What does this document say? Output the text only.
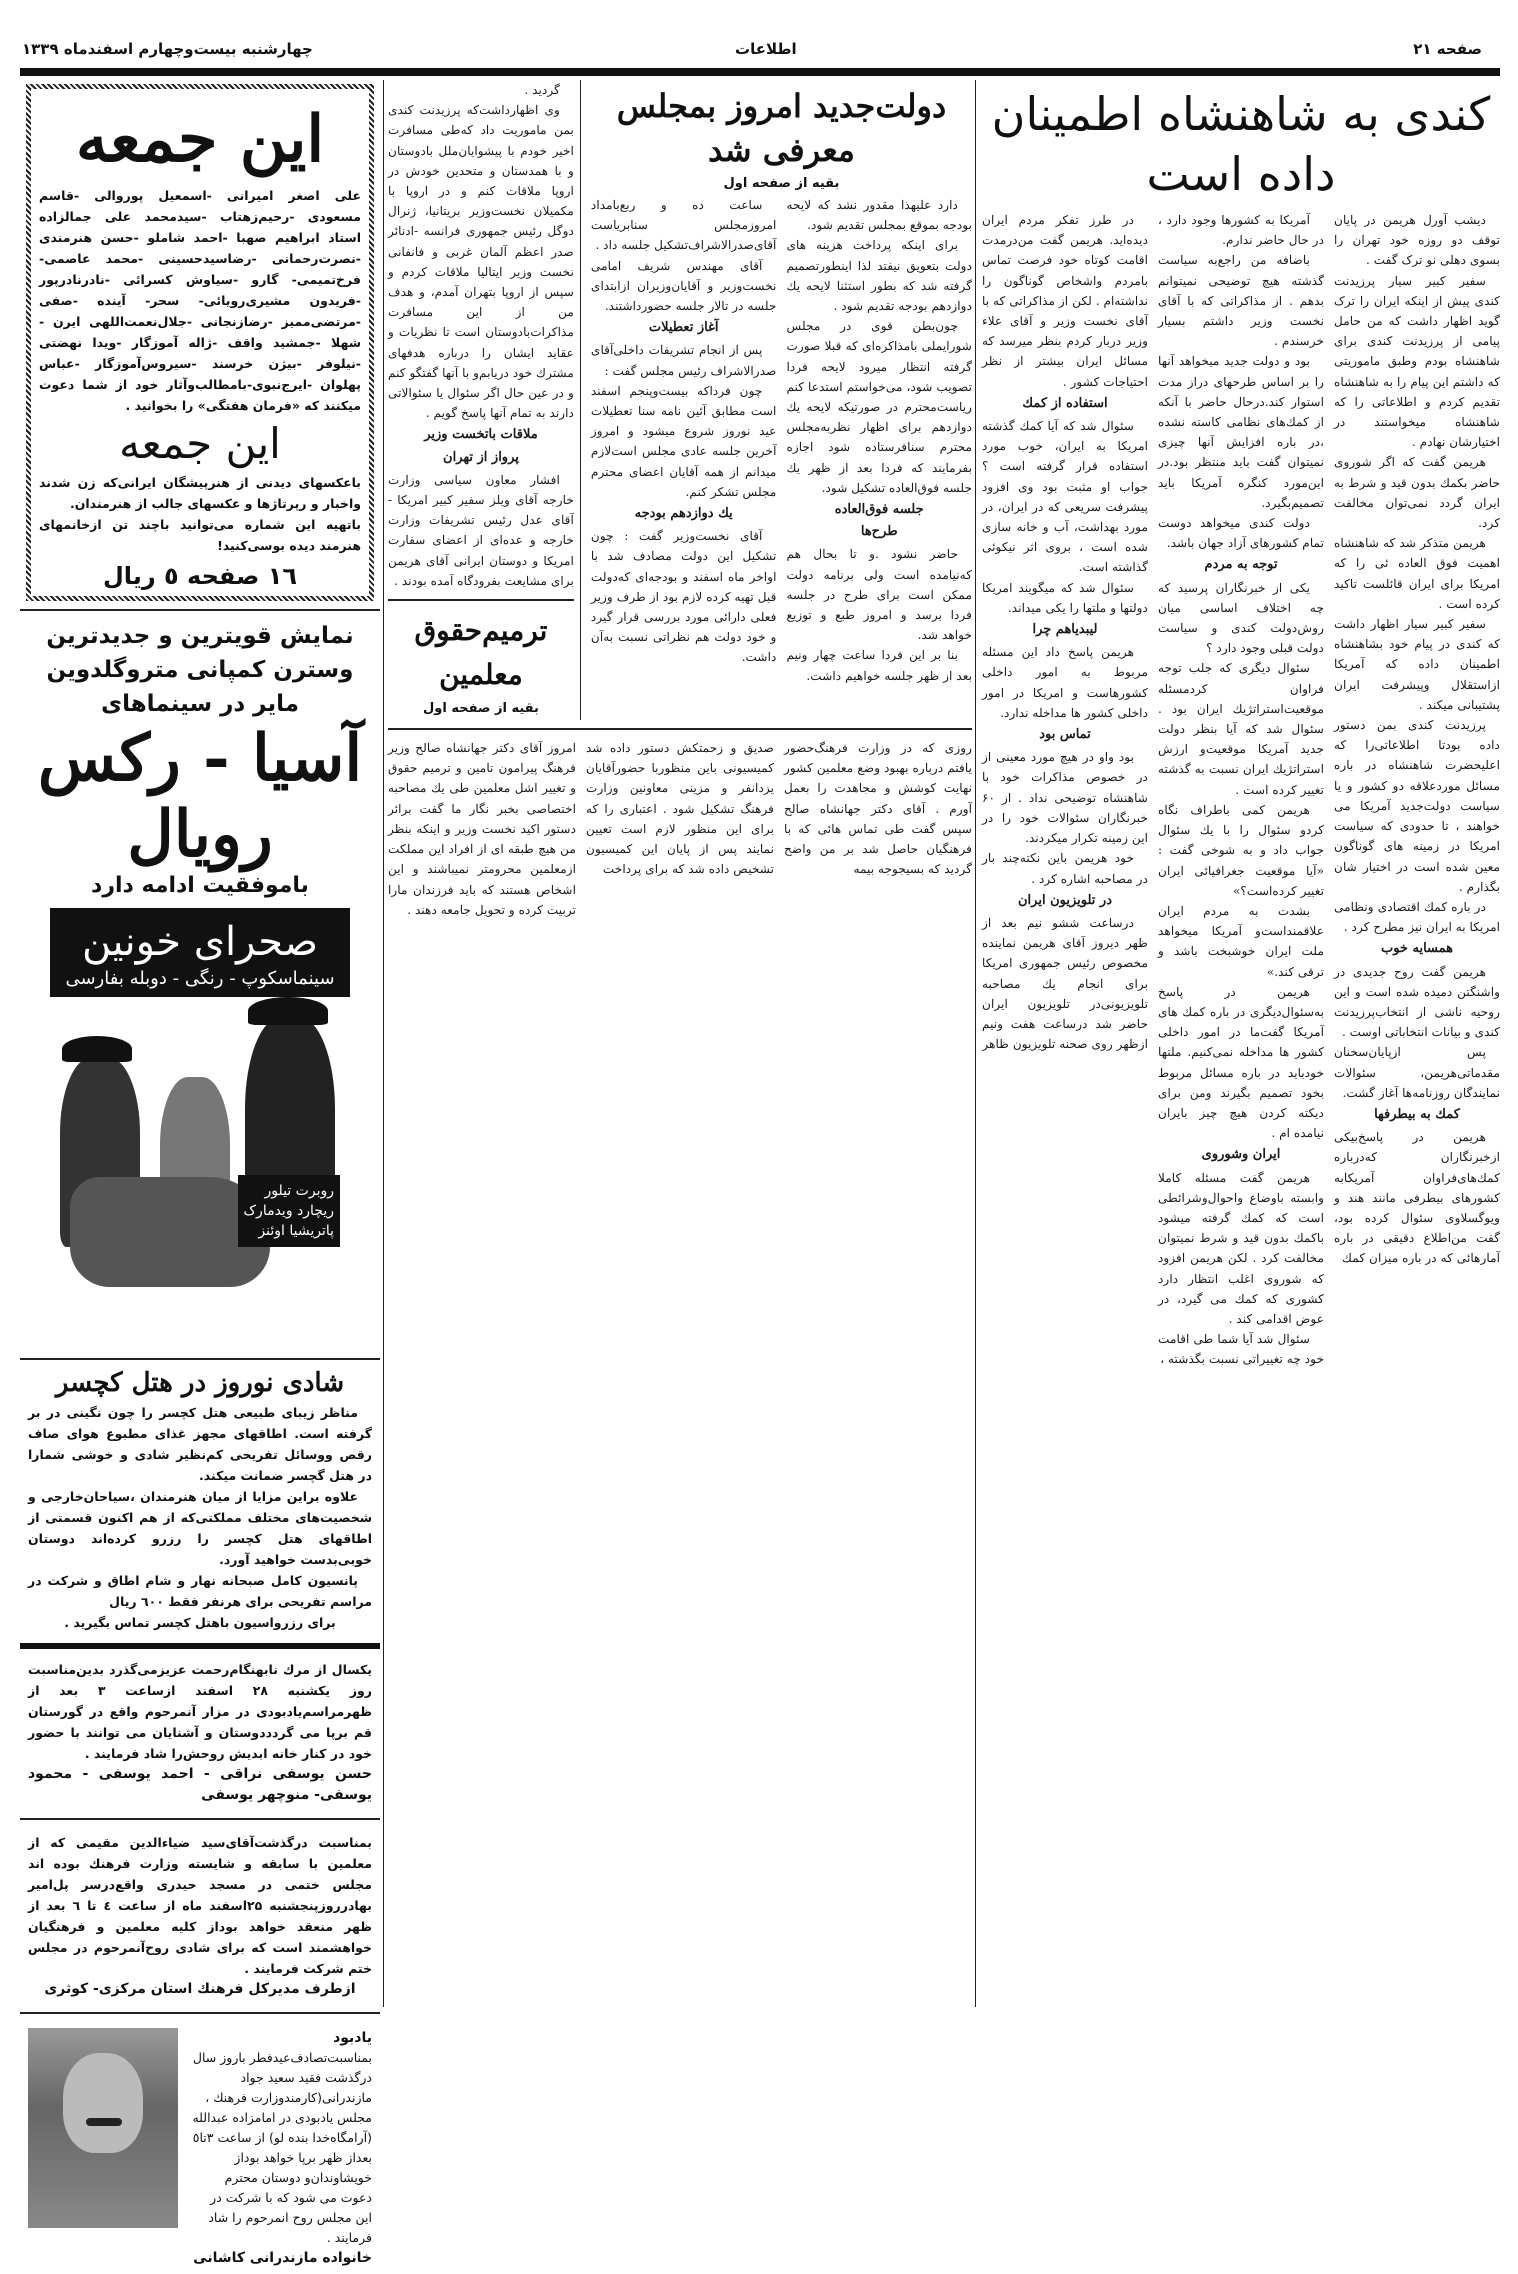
صفحه ۲۱
اطلاعات
چهارشنبه بیست‌وچهارم اسفندماه ۱۳۳۹
کندی به شاهنشاه اطمینان داده است

دیشب آورل هریمن در پایان توقف دو روزه خود تهران را بسوی دهلی نو ترک گفت .

سفیر کبیر سیار پرزیدنت کندی پیش از اینکه ایران را ترک گوید اظهار داشت که من حامل پیامی از پرزیدنت کندی برای شاهنشاه بودم وطبق ماموریتی که داشتم این پیام را به شاهنشاه تقدیم کردم و اطلاعاتی را که شاهنشاه میخواستند در اختیارشان نهادم .

هریمن گفت که اگر شوروی حاضر بکمك بدون قید و شرط به ایران گردد نمی‌توان مخالفت کرد.

هریمن متذکر شد که شاهنشاه اهمیت فوق العاده ئی را که امریکا برای ایران قائلست تاکید کرده است .

سفیر کبیر سیار اظهار داشت که کندی در پیام خود بشاهنشاه اطمینان داده که آمریکا ازاستقلال وپیشرفت ایران پشتیبانی میکند .

پرزیدنت کندی بمن دستور داده بودتا اطلاعاتی‌را که اعلیحضرت شاهنشاه در باره مسائل موردعلاقه دو کشور و یا سیاست دولت‌جدید آمریکا می خواهند ، تا حدودی که سیاست امریکا در زمینه های گوناگون معین شده است در اختیار شان بگذارم .

در باره کمك اقتصادی ونظامی امریکا به ایران نیز مطرح کرد .

همسایه خوب

هریمن گفت روح جدیدی در واشنگتن دمیده شده است و این روحیه ناشی از انتخاب‌پرزیدنت کندی و بیانات انتخاباتی اوست .

پس ازپایان‌سخنان مقدماتی‌هریمن، سئوالات نمایندگان روزنامه‌ها آغاز گشت.

کمك به بیطرفها

هریمن در پاسخ‌بیکی ازخبرنگاران که‌درباره کمك‌های‌فراوان آمریکابه کشورهای بیطرفی مانند هند و ویوگسلاوی سئوال کرده بود، گفت من‌اطلاع دقیقی در باره آمارهائی که در باره میزان کمك

آمریکا به کشورها وجود دارد ، در حال حاضر ندارم.

باضافه من راجع‌به سیاست گذشته هیچ توضیحی نمیتوانم بدهم . از مذاکراتی که با آقای نخست وزیر داشتم بسیار خرسندم .

بود و دولت جدید میخواهد آنها را بر اساس طرحهای دراز مدت استوار کند.درحال حاضر با آنکه از کمك‌های نظامی کاسته نشده ،در باره افزایش آنها چیزی نمیتوان گفت باید منتظر بود.در این‌مورد کنگره آمریکا باید تصمیم‌بگیرد.

دولت کندی میخواهد دوست تمام کشورهای آزاد جهان باشد.

توجه به مردم

یکی از خبرنگاران پرسید که چه اختلاف اساسی میان روش‌دولت کندی و سیاست دولت قبلی وجود دارد ؟

سئوال دیگری که جلب توجه فراوان کردمسئله موقعیت‌استراتژیك ایران بود . سئوال شد که آیا بنظر دولت جدید آمریکا موقعیت‌و ارزش استراتژیك ایران نسبت به گذشته تغییر کرده است .

هریمن کمی باطراف نگاه کردو سئوال را با یك سئوال جواب داد و به شوخی گفت : «آیا موقعیت جغرافیائی ایران تغییر کرده‌است؟»

بشدت به مردم ایران علاقمنداست‌و آمریکا میخواهد ملت ایران خوشبخت باشد و ترقی کند.»

هریمن در پاسخ به‌سئوال‌دیگری در باره کمك های آمریکا گفت‌ما در امور داخلی کشور ها مداخله نمی‌کنیم. ملتها خودباید در باره مسائل مربوط بخود تصمیم بگیرند ومن برای دیکته کردن هیچ چیز بایران نیامده ام .

ایران وشوروی

هریمن گفت مسئله کاملا وابسته باوضاع واحوال‌وشرائطی است که کمك گرفته میشود باکمك بدون قید و شرط نمیتوان مخالفت کرد . لکن هریمن افزود که شوروی اغلب انتظار دارد کشوری که کمك می گیرد، در عوض اقدامی کند .

سئوال شد آیا شما طی اقامت خود چه تغییراتی نسبت بگذشته ،

در طرز تفکر مردم ایران دیده‌اید. هریمن گفت من‌درمدت اقامت کوتاه خود فرصت تماس بامردم واشخاص گوناگون را نداشته‌ام . لکن از مذاکراتی که با آقای نخست وزیر و آقای علاء وزیر دربار کردم بنظر میرسد که مسائل ایران بیشتر از نظر احتیاجات کشور .

استفاده از کمك

سئوال شد که آیا کمك گذشته امریکا به ایران، خوب مورد استفاده قرار گرفته است ؟ جواب او مثبت بود وی افزود پیشرفت سریعی که در ایران، در مورد بهداشت، آب و خانه سازی شده است ، بروی اثر نیکوئی گذاشته است.

سئوال شد که میگویند امریکا دولتها و ملتها را یکی میداند.

لیبدیاهم چرا

هریمن پاسخ داد این مسئله مربوط به امور داخلی کشورهاست و امریکا در امور داخلی کشور ها مداخله ندارد.

تماس بود

بود واو در هیچ مورد معینی از در خصوص مذاکرات خود با شاهنشاه توضیحی نداد . از ۶۰ خبرنگاران سئوالات خود را در این زمینه تکرار میکردند.

خود هریمن باین نکته‌چند بار در مصاحبه اشاره کرد .

در تلویزیون ایران

درساعت ششو نیم بعد از ظهر دیروز آقای هریمن نماینده مخصوص رئیس جمهوری امریکا برای انجام یك مصاحبه تلویزیونی‌در تلویزیون ایران حاضر شد درساعت هفت ونیم ازظهر روی صحنه تلویزیون ظاهر

دولت‌جدید امروز بمجلس معرفی شد
بقیه از صفحه اول

دارد علیهذا مقدور نشد که لایحه بودجه بموقع بمجلس تقدیم شود.

برای اینکه پرداخت هزینه های دولت بتعویق نیفتد لذا اینطورتصمیم گرفته شد که بطور استثنا لایحه یك دوازدهم بودجه تقدیم شود .

چون‌بطن قوی در مجلس شورایملی بامذاکره‌ای که قبلا صورت گرفته انتظار میرود لایحه فردا تصویب شود، می‌خواستم استدعا کنم ریاست‌محترم در صورتیکه لایحه یك دوازدهم برای اظهار نظربه‌مجلس محترم سنافرستاده شود اجازه بفرمایند که فردا بعد از ظهر یك جلسه فوق‌العاده تشکیل شود.

جلسه فوق‌العاده
طرح‌ها

حاضر نشود .و تا بحال هم که‌نیامده است ولی برنامه دولت ممکن است برای طرح در جلسه فردا برسد و امروز طبع و توزیع خواهد شد.

بنا بر این فردا ساعت چهار ونیم بعد از ظهر جلسه خواهیم داشت.

ساعت ده و ربع‌بامداد امروزمجلس سنابریاست آقای‌صدرالاشراف‌تشکیل جلسه داد .

آقای مهندس شریف امامی نخست‌وزیر و آقایان‌وزیران ازابتدای جلسه در تالار جلسه حضورداشتند.

آغاز تعطیلات

پس از انجام تشریفات داخلی‌آقای صدرالاشراف رئیس مجلس گفت :

چون فرداکه بیست‌وپنجم اسفند است مطابق آئین نامه سنا تعطیلات عید نوروز شروع میشود و امروز آخرین جلسه عادی مجلس است‌لازم میدانم از همه آقایان اعضای محترم مجلس تشکر کنم.

یك دوازدهم بودجه

آقای نخست‌وزیر گفت : چون تشکیل این دولت مصادف شد با اواخر ماه اسفند و بودجه‌ای که‌دولت قبل تهیه کرده لازم بود از طرف وزیر فعلی دارائی مورد بررسی قرار گیرد و خود دولت هم نظراتی نسبت به‌آن داشت.

گردید .

وی اظهارداشت‌که پرزیدنت کندی بمن ماموریت داد که‌طی مسافرت اخیر خودم با پیشوایان‌ملل بادوستان و با همدستان و متحدین خودش در اروپا ملاقات کنم و در اروپا با مکمیلان نخست‌وزیر بریتانیا، ژنرال دوگل رئیس جمهوری فرانسه -ادنائر صدر اعظم آلمان غربی و فانفانی نخست وزیر ایتالیا ملاقات کردم و سپس از اروپا بتهران آمدم، و هدف من از این مسافرت مذاکرات‌بادوستان است تا نظریات و عقاید ایشان را درباره هدفهای مشترك خود دریابم‌و با آنها گفتگو کنم و در عین حال اگر سئوال یا سئوالاتی دارند به تمام آنها پاسخ گویم .

ملاقات باتخست وزیر
پرواز از تهران

افشار معاون سیاسی وزارت خارجه آقای ویلز سفیر کبیر امریکا - آقای عدل رئیس تشریفات وزارت خارجه و عده‌ای از اعضای سفارت امریکا و دوستان ایرانی آقای هریمن برای مشایعت بفرودگاه آمده بودند .

ترمیم‌حقوق معلمین
بقیه از صفحه اول
روزی که در وزارت فرهنگ‌حضور یافتم درباره بهبود وضع معلمین کشور نهایت کوشش و مجاهدت را بعمل آورم . آقای دکتر جهانشاه صالح سپس گفت طی تماس هائی که با فرهنگیان حاصل شد بر من واضح گردید که بسیجوجه بیمه
صدیق و زحمتکش دستور داده شد کمیسیونی باین منظوربا حضورآقایان یزدانفر و مزینی معاونین وزارت فرهنگ تشکیل شود . اعتباری را که برای این منظور لازم است تعیین نمایند پس از پایان این کمیسیون تشخیص داده شد که برای پرداخت
امروز آقای دکتر جهانشاه صالح وزیر فرهنگ پیرامون تامین و ترمیم حقوق و تغییر اشل معلمین طی یك مصاحبه اختصاصی بخبر نگار ما گفت برائر دستور اکید نخست وزیر و اینکه بنظر من هیچ طبقه ای از افراد این مملکت ازمعلمین محرومتر نمیباشند و این اشخاص هستند که باید فرزندان مارا تربیت کرده و تحویل جامعه دهند .
این جمعه
علی اصغر امیرانی -اسمعیل پوروالی -قاسم مسعودی -رحیم‌زهتاب -سیدمحمد علی جمالزاده استاد ابراهیم صهبا -احمد شاملو -حسن هنرمندی -نصرت‌رحمانی -رضاسیدحسینی -محمد عاصمی-فرخ‌تمیمی- گارو -سیاوش کسرائی -نادرنادرپور -فریدون مشیری‌رویائی- سحر- آینده -صفی -مرتضی‌ممیز -رضازنجانی -جلال‌نعمت‌اللهی ایرن - شهلا -جمشید واقف -ژاله آموزگار -ویدا نهضتی -نیلوفر -بیژن خرسند -سیروس‌آموزگار -عباس پهلوان -ایرج‌نبوی-بامطالب‌وآثار خود از شما دعوت میکنند که «فرمان هفتگی» را بخوانید .
این جمعه
باعکسهای دیدنی از هنرپیشگان ایرانی‌که زن شدند واخبار و رپرتاژها و عکسهای جالب از هنرمندان.
باتهیه این شماره می‌توانید باچند تن ازخانمهای هنرمند دیده بوسی‌کنید!
۱٦ صفحه ٥ ریال
نمایش قویترین و جدیدترین وسترن کمپانی متروگلدوین مایر در سینماهای
آسیا - رکس
رویال
باموفقیت ادامه دارد
صحرای خونین
سینماسکوپ - رنگی - دوبله بفارسی
روبرت تیلور
ریچارد ویدمارک
پاتریشیا اوئنز
شادی نوروز در هتل کچسر

مناظر زیبای طبیعی هتل کچسر را چون نگینی در بر گرفته است. اطاقهای مجهز غذای مطبوع هوای صاف رقص ووسائل تفریحی کم‌نظیر شادی و خوشی شمارا در هتل گچسر ضمانت میکند.

علاوه براین مزایا از میان هنرمندان ،سیاحان‌خارجی و شخصیت‌های مختلف مملکتی‌که از هم اکنون قسمتی از اطاقهای هتل کچسر را رزرو کرده‌اند دوستان خوبی‌بدست خواهید آورد.

پانسیون کامل صبحانه نهار و شام اطاق و شرکت در مراسم تفریحی برای هرنفر فقط ٦۰۰ ریال

برای رزرواسیون باهتل کچسر تماس بگیرید .

یکسال از مرك نابهنگام‌رحمت عزیزمی‌گذرد بدین‌مناسبت روز یکشنبه ۲۸ اسفند ازساعت ۳ بعد از ظهرمراسم‌یادبودی در مزار آنمرحوم واقع در گورستان قم برپا می گردددوستان و آشنایان می توانند با حضور خود در کنار خانه ابدیش روحش‌را شاد فرمایند .
حسن یوسفی نراقی - احمد یوسفی - محمود یوسفی- منوچهر یوسفی
بمناسبت درگذشت‌آقای‌سید ضیاءالدین مقیمی که از معلمین با سابقه و شایسته وزارت فرهنك بوده اند مجلس ختمی در مسجد حیدری واقع‌درسر پل‌امیر بهادرروزپنجشنبه ۲۵اسفند ماه از ساعت ٤ تا ٦ بعد از ظهر منعقد خواهد بوداز کلیه معلمین و فرهنگیان خواهشمند است که برای شادی روح‌آنمرحوم در مجلس ختم شرکت فرمایند .
ازطرف مدیرکل فرهنك استان مرکزی- کوثری
یادبود
بمناسبت‌تصادف‌عیدفطر باروز سال درگذشت فقید سعید جواد مازندرانی(کارمندوزارت فرهنك ، مجلس یادبودی در امامزاده عبدالله (آرامگاه‌خدا بنده لو) از ساعت ۳تا٥ بعداز ظهر برپا خواهد بوداز خویشاوندان‌و دوستان محترم دعوت می شود که با شرکت در این مجلس روح انمرحوم را شاد فرمایند .
خانواده مازندرانی کاشانی
